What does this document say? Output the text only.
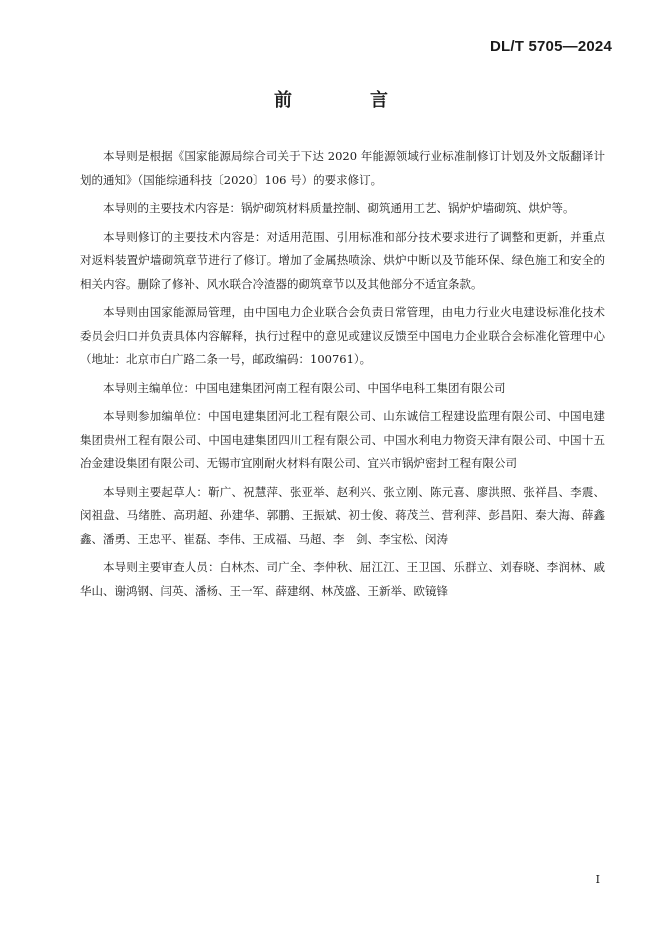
DL/T 5705—2024
前　言

本导则是根据《国家能源局综合司关于下达 2020 年能源领域行业标准制修订计划及外文版翻译计划的通知》（国能综通科技〔2020〕106 号）的要求修订。

本导则的主要技术内容是：锅炉砌筑材料质量控制、砌筑通用工艺、锅炉炉墙砌筑、烘炉等。

本导则修订的主要技术内容是：对适用范围、引用标准和部分技术要求进行了调整和更新，并重点对返料装置炉墙砌筑章节进行了修订。增加了金属热喷涂、烘炉中断以及节能环保、绿色施工和安全的相关内容。删除了修补、风水联合冷渣器的砌筑章节以及其他部分不适宜条款。

本导则由国家能源局管理，由中国电力企业联合会负责日常管理，由电力行业火电建设标准化技术委员会归口并负责具体内容解释，执行过程中的意见或建议反馈至中国电力企业联合会标准化管理中心（地址：北京市白广路二条一号，邮政编码：100761）。

本导则主编单位：中国电建集团河南工程有限公司、中国华电科工集团有限公司

本导则参加编单位：中国电建集团河北工程有限公司、山东诚信工程建设监理有限公司、中国电建集团贵州工程有限公司、中国电建集团四川工程有限公司、中国水利电力物资天津有限公司、中国十五冶金建设集团有限公司、无锡市宜刚耐火材料有限公司、宜兴市锅炉密封工程有限公司

本导则主要起草人：靳广、祝慧萍、张亚举、赵利兴、张立刚、陈元喜、廖洪照、张祥昌、李震、闵祖盘、马绪胜、高玥超、孙建华、郭鹏、王振斌、初士俊、蒋茂兰、营利萍、彭昌阳、秦大海、薛鑫鑫、潘勇、王忠平、崔磊、李伟、王成福、马超、李　剑、李宝松、闵涛

本导则主要审查人员：白林杰、司广全、李仲秋、屈江江、王卫国、乐群立、刘春晓、李润林、戚华山、谢鸿钢、闫英、潘杨、王一军、薛建纲、林茂盛、王新举、欧镜锋

I
